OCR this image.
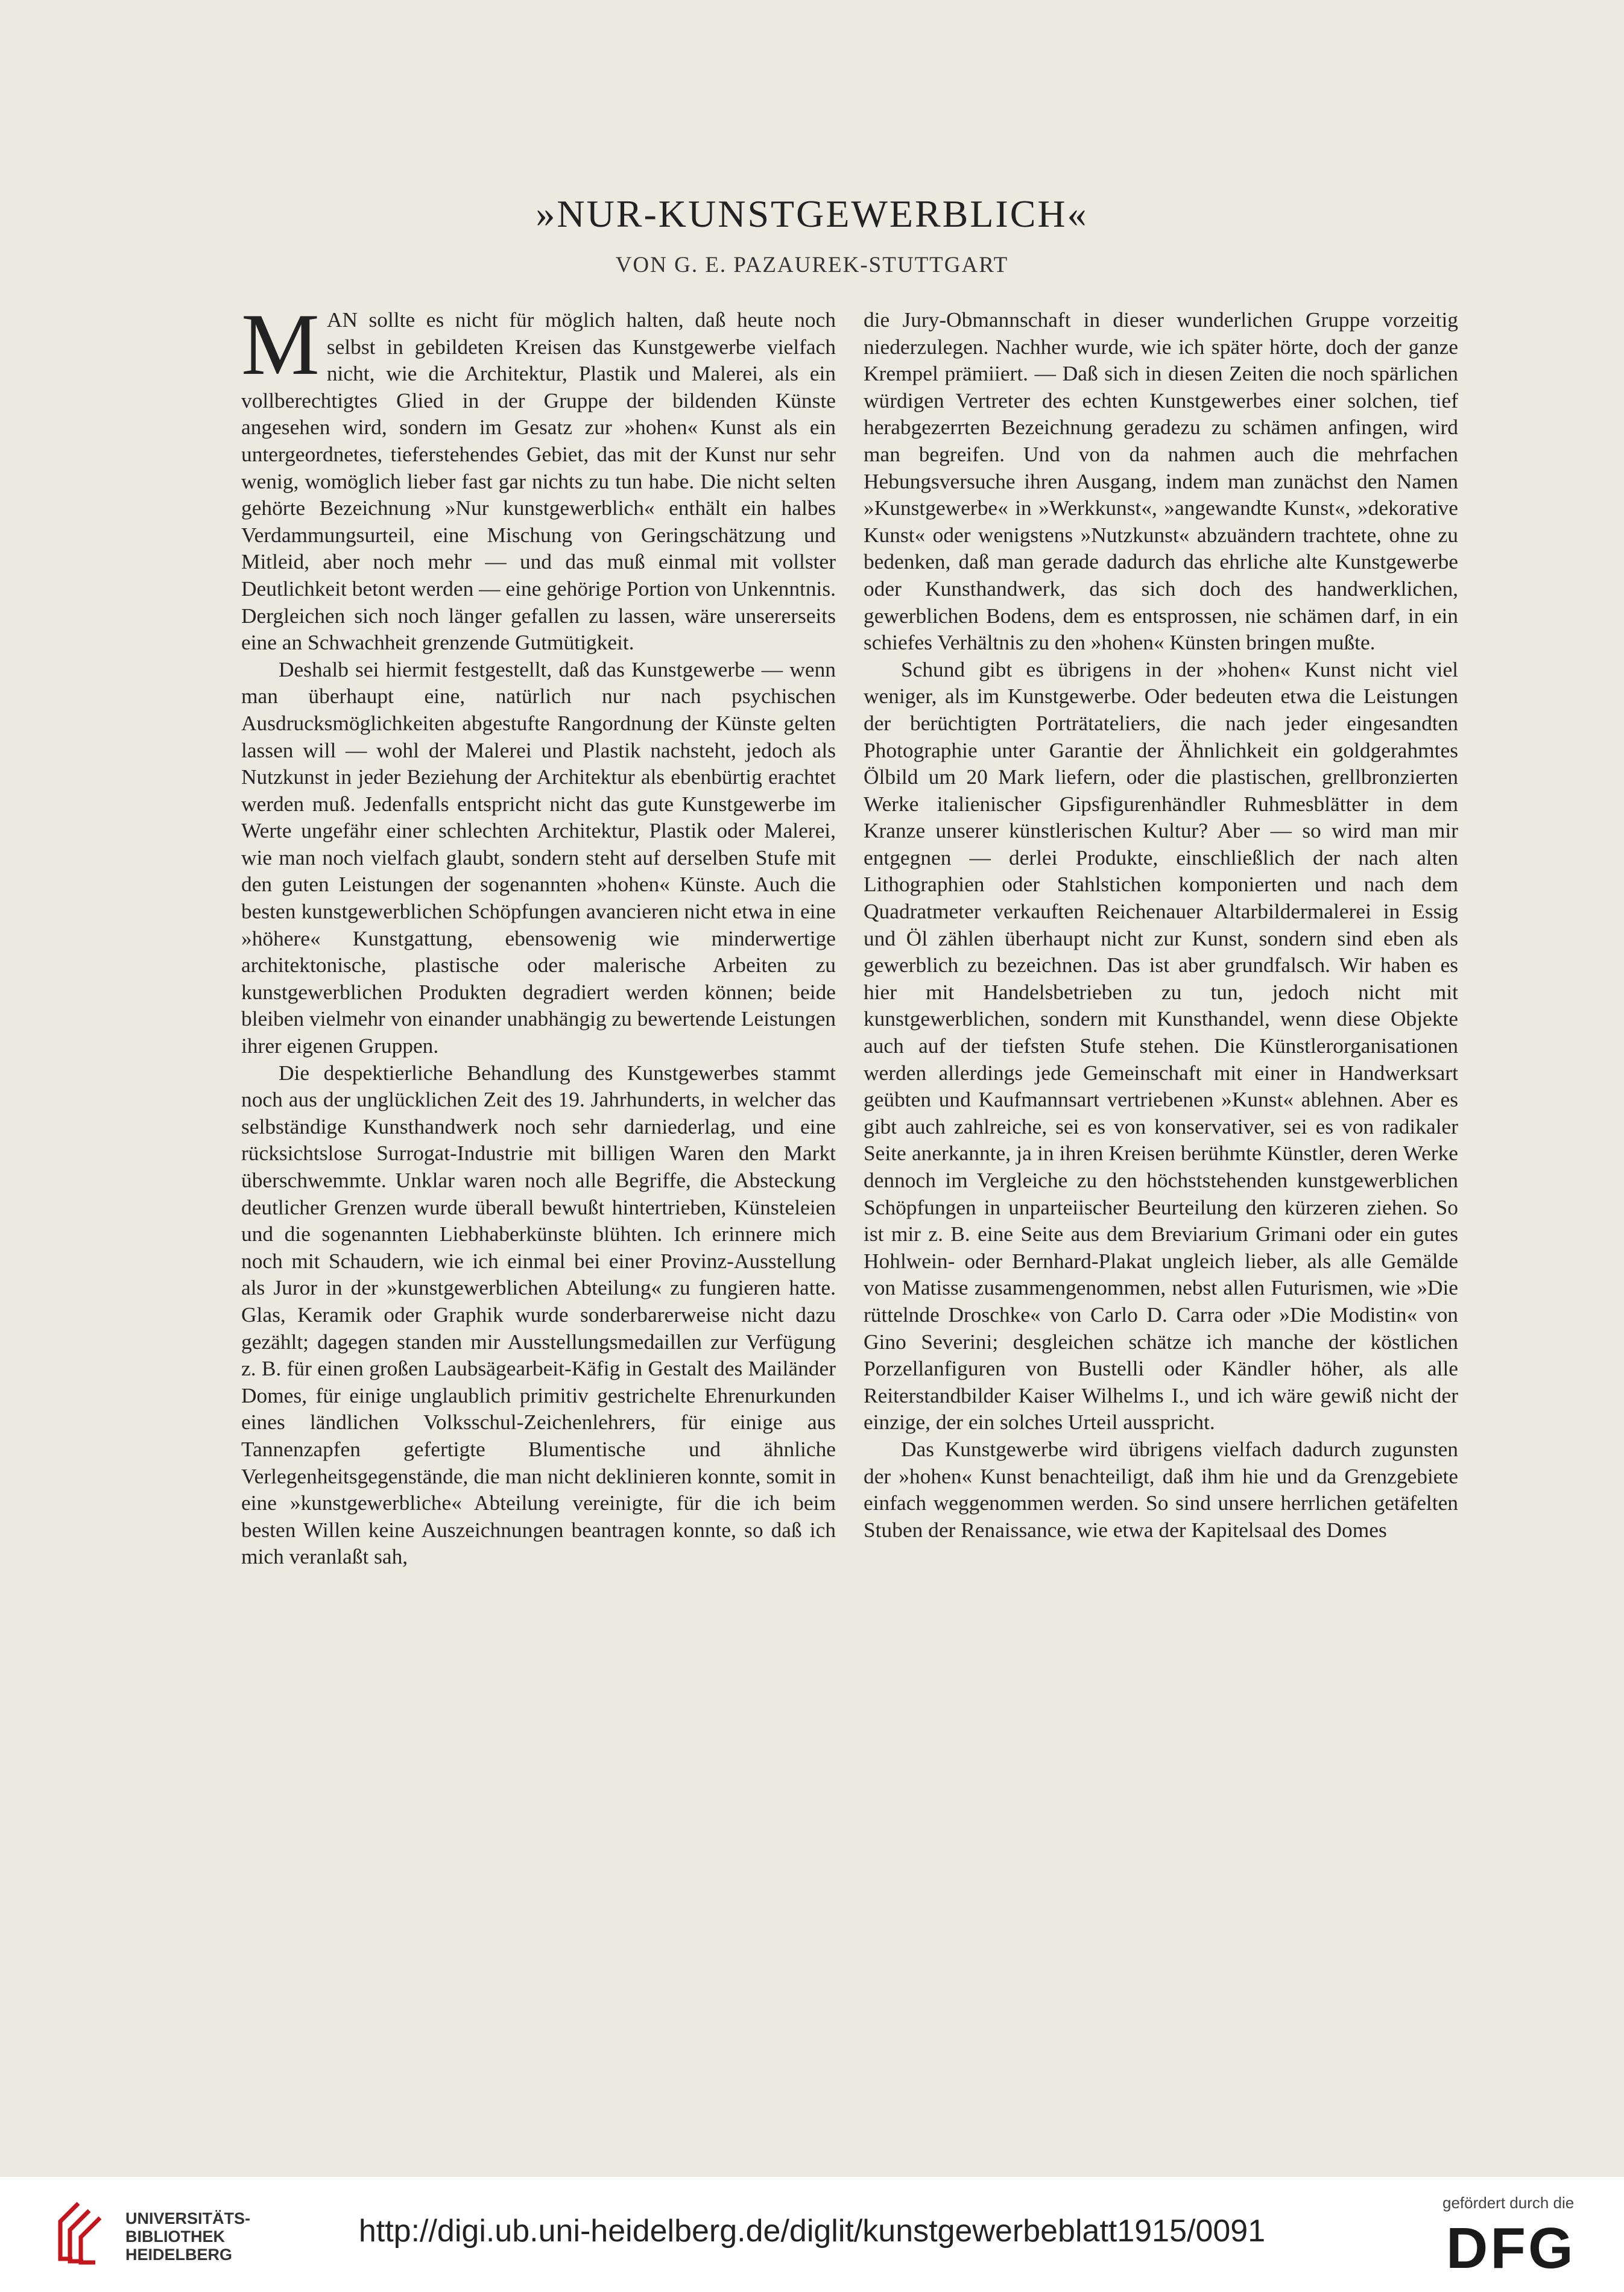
»NUR-KUNSTGEWERBLICH«
VON G. E. PAZAUREK-STUTTGART

MAN sollte es nicht für möglich halten, daß heute noch selbst in gebildeten Kreisen das Kunstgewerbe vielfach nicht, wie die Architektur, Plastik und Malerei, als ein vollberechtigtes Glied in der Gruppe der bildenden Künste angesehen wird, sondern im Gesatz zur »hohen« Kunst als ein untergeordnetes, tieferstehendes Gebiet, das mit der Kunst nur sehr wenig, womöglich lieber fast gar nichts zu tun habe. Die nicht selten gehörte Bezeichnung »Nur kunstgewerblich« enthält ein halbes Verdammungsurteil, eine Mischung von Geringschätzung und Mitleid, aber noch mehr — und das muß einmal mit vollster Deutlichkeit betont werden — eine gehörige Portion von Unkenntnis. Dergleichen sich noch länger gefallen zu lassen, wäre unsererseits eine an Schwachheit grenzende Gutmütigkeit.

Deshalb sei hiermit festgestellt, daß das Kunstgewerbe — wenn man überhaupt eine, natürlich nur nach psychischen Ausdrucksmöglichkeiten abgestufte Rangordnung der Künste gelten lassen will — wohl der Malerei und Plastik nachsteht, jedoch als Nutzkunst in jeder Beziehung der Architektur als ebenbürtig erachtet werden muß. Jedenfalls entspricht nicht das gute Kunstgewerbe im Werte ungefähr einer schlechten Architektur, Plastik oder Malerei, wie man noch vielfach glaubt, sondern steht auf derselben Stufe mit den guten Leistungen der sogenannten »hohen« Künste. Auch die besten kunstgewerblichen Schöpfungen avancieren nicht etwa in eine »höhere« Kunstgattung, ebensowenig wie minderwertige architektonische, plastische oder malerische Arbeiten zu kunstgewerblichen Produkten degradiert werden können; beide bleiben vielmehr von einander unabhängig zu bewertende Leistungen ihrer eigenen Gruppen.

Die despektierliche Behandlung des Kunstgewerbes stammt noch aus der unglücklichen Zeit des 19. Jahrhunderts, in welcher das selbständige Kunsthandwerk noch sehr darniederlag, und eine rücksichtslose Surrogat-Industrie mit billigen Waren den Markt überschwemmte. Unklar waren noch alle Begriffe, die Absteckung deutlicher Grenzen wurde überall bewußt hintertrieben, Künsteleien und die sogenannten Liebhaberkünste blühten. Ich erinnere mich noch mit Schaudern, wie ich einmal bei einer Provinz-Ausstellung als Juror in der »kunstgewerblichen Abteilung« zu fungieren hatte. Glas, Keramik oder Graphik wurde sonderbarerweise nicht dazu gezählt; dagegen standen mir Ausstellungsmedaillen zur Verfügung z. B. für einen großen Laubsägearbeit-Käfig in Gestalt des Mailänder Domes, für einige unglaublich primitiv gestrichelte Ehrenurkunden eines ländlichen Volksschul-Zeichenlehrers, für einige aus Tannenzapfen gefertigte Blumentische und ähnliche Verlegenheitsgegenstände, die man nicht deklinieren konnte, somit in eine »kunstgewerbliche« Abteilung vereinigte, für die ich beim besten Willen keine Auszeichnungen beantragen konnte, so daß ich mich veranlaßt sah,

die Jury-Obmannschaft in dieser wunderlichen Gruppe vorzeitig niederzulegen. Nachher wurde, wie ich später hörte, doch der ganze Krempel prämiiert. — Daß sich in diesen Zeiten die noch spärlichen würdigen Vertreter des echten Kunstgewerbes einer solchen, tief herabgezerrten Bezeichnung geradezu zu schämen anfingen, wird man begreifen. Und von da nahmen auch die mehrfachen Hebungsversuche ihren Ausgang, indem man zunächst den Namen »Kunstgewerbe« in »Werkkunst«, »angewandte Kunst«, »dekorative Kunst« oder wenigstens »Nutzkunst« abzuändern trachtete, ohne zu bedenken, daß man gerade dadurch das ehrliche alte Kunstgewerbe oder Kunsthandwerk, das sich doch des handwerklichen, gewerblichen Bodens, dem es entsprossen, nie schämen darf, in ein schiefes Verhältnis zu den »hohen« Künsten bringen mußte.

Schund gibt es übrigens in der »hohen« Kunst nicht viel weniger, als im Kunstgewerbe. Oder bedeuten etwa die Leistungen der berüchtigten Porträtateliers, die nach jeder eingesandten Photographie unter Garantie der Ähnlichkeit ein goldgerahmtes Ölbild um 20 Mark liefern, oder die plastischen, grellbronzierten Werke italienischer Gipsfigurenhändler Ruhmesblätter in dem Kranze unserer künstlerischen Kultur? Aber — so wird man mir entgegnen — derlei Produkte, einschließlich der nach alten Lithographien oder Stahlstichen komponierten und nach dem Quadratmeter verkauften Reichenauer Altarbildermalerei in Essig und Öl zählen überhaupt nicht zur Kunst, sondern sind eben als gewerblich zu bezeichnen. Das ist aber grundfalsch. Wir haben es hier mit Handelsbetrieben zu tun, jedoch nicht mit kunstgewerblichen, sondern mit Kunsthandel, wenn diese Objekte auch auf der tiefsten Stufe stehen. Die Künstlerorganisationen werden allerdings jede Gemeinschaft mit einer in Handwerksart geübten und Kaufmannsart vertriebenen »Kunst« ablehnen. Aber es gibt auch zahlreiche, sei es von konservativer, sei es von radikaler Seite anerkannte, ja in ihren Kreisen berühmte Künstler, deren Werke dennoch im Vergleiche zu den höchststehenden kunstgewerblichen Schöpfungen in unparteiischer Beurteilung den kürzeren ziehen. So ist mir z. B. eine Seite aus dem Breviarium Grimani oder ein gutes Hohlwein- oder Bernhard-Plakat ungleich lieber, als alle Gemälde von Matisse zusammengenommen, nebst allen Futurismen, wie »Die rüttelnde Droschke« von Carlo D. Carra oder »Die Modistin« von Gino Severini; desgleichen schätze ich manche der köstlichen Porzellanfiguren von Bustelli oder Kändler höher, als alle Reiterstandbilder Kaiser Wilhelms I., und ich wäre gewiß nicht der einzige, der ein solches Urteil ausspricht.

Das Kunstgewerbe wird übrigens vielfach dadurch zugunsten der »hohen« Kunst benachteiligt, daß ihm hie und da Grenzgebiete einfach weggenommen werden. So sind unsere herrlichen getäfelten Stuben der Renaissance, wie etwa der Kapitelsaal des Domes

UNIVERSITÄTS-
BIBLIOTHEK
HEIDELBERG
http://digi.ub.uni-heidelberg.de/diglit/kunstgewerbeblatt1915/0091
gefördert durch die
DFG
